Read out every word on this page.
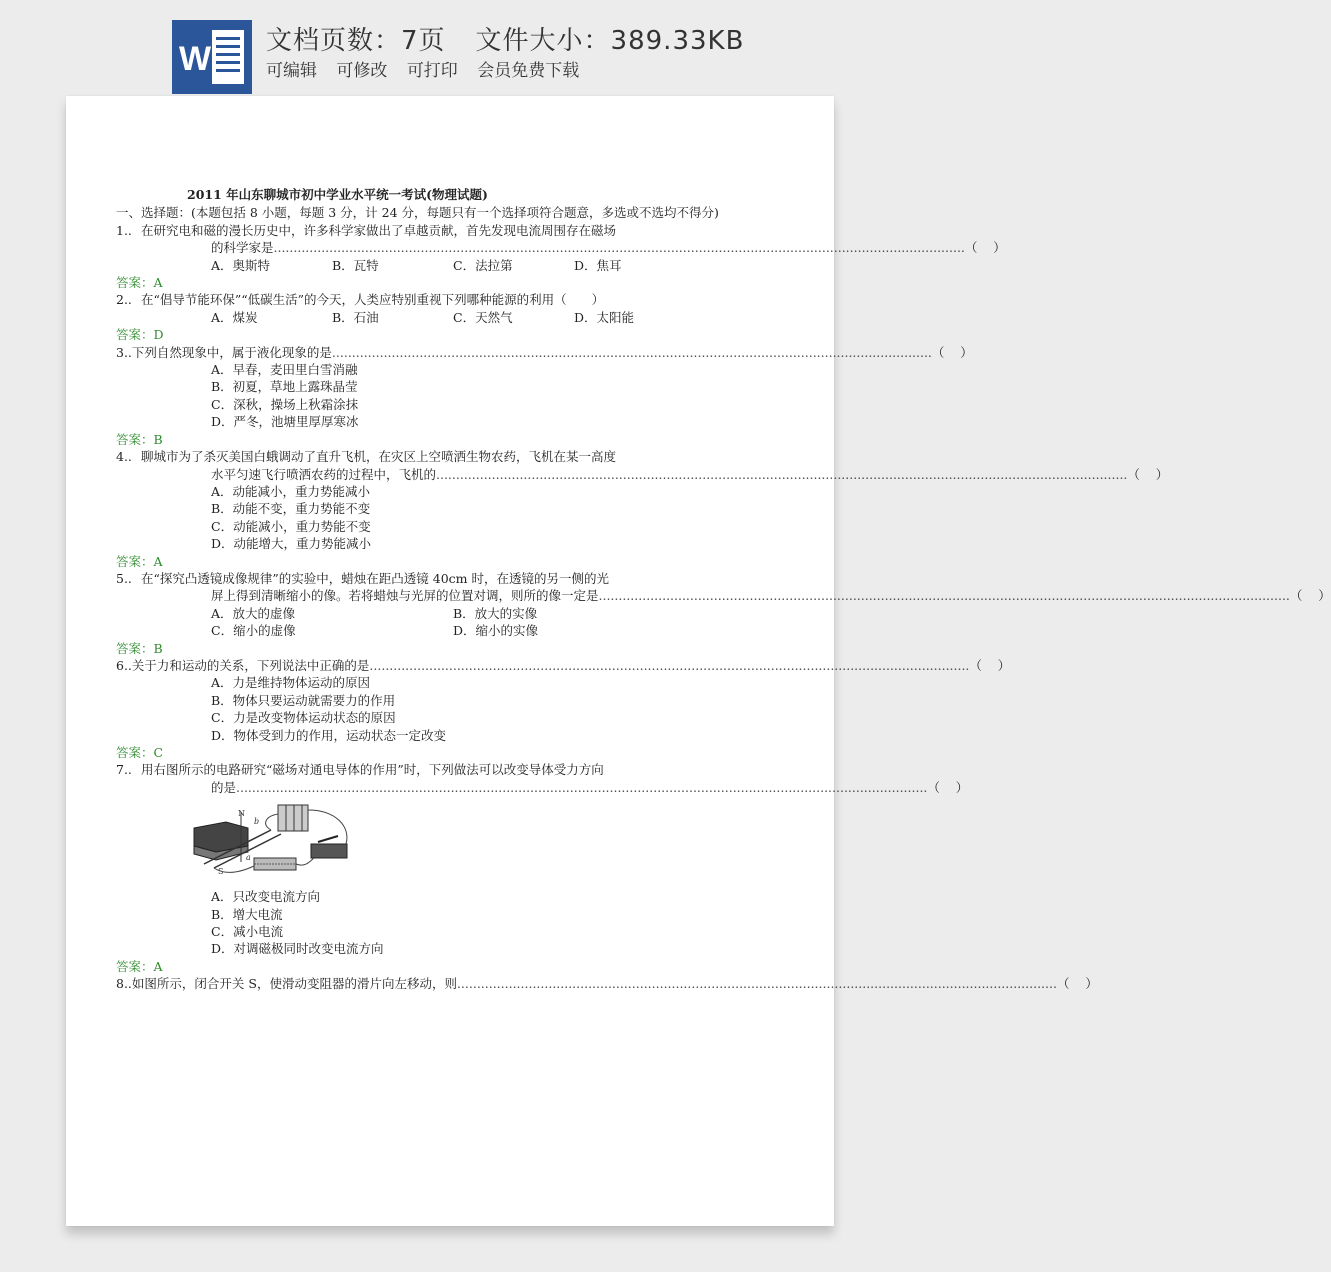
W 文档页数：7页 文件大小：389.33KB
可编辑 可修改 可打印 会员免费下载
2011 年山东聊城市初中学业水平统一考试(物理试题)
一、选择题：(本题包括 8 小题，每题 3 分，计 24 分，每题只有一个选择项符合题意，多选或不选均不得分)
1.. 在研究电和磁的漫长历史中，许多科学家做出了卓越贡献，首先发现电流周围存在磁场
的科学家是 .............................................................................................................................................................................. （    ）
A．奥斯特	B．瓦特	C．法拉第	D．焦耳
答案：A
2.. 在“倡导节能环保”“低碳生活”的今天，人类应特别重视下列哪种能源的利用（　　）
A．煤炭	B．石油	C．天然气	D．太阳能
答案：D
3.. 下列自然现象中，属于液化现象的是 ....................................................................................................................................................... （    ）
A．早春，麦田里白雪消融
B．初夏，草地上露珠晶莹
C．深秋，操场上秋霜涂抹
D．严冬，池塘里厚厚寒冰
答案：B
4.. 聊城市为了杀灭美国白蛾调动了直升飞机，在灾区上空喷洒生物农药，飞机在某一高度
水平匀速飞行喷洒农药的过程中，飞机的 .............................................................................................................................................................................. （    ）
A．动能减小，重力势能减小
B．动能不变，重力势能不变
C．动能减小，重力势能不变
D．动能增大，重力势能减小
答案：A
5.. 在“探究凸透镜成像规律”的实验中，蜡烛在距凸透镜 40cm 时，在透镜的另一侧的光
屏上得到清晰缩小的像。若将蜡烛与光屏的位置对调，则所的像一定是 .............................................................................................................................................................................. （    ）
A．放大的虚像	B．放大的实像
C．缩小的虚像	D．缩小的实像
答案：B
6.. 关于力和运动的关系，下列说法中正确的是 ....................................................................................................................................................... （    ）
A．力是维持物体运动的原因
B．物体只要运动就需要力的作用
C．力是改变物体运动状态的原因
D．物体受到力的作用，运动状态一定改变
答案：C
7.. 用右图所示的电路研究“磁场对通电导体的作用”时，下列做法可以改变导体受力方向
的是 .............................................................................................................................................................................. （    ）
N
b
a
S
A．只改变电流方向
B．增大电流
C．减小电流
D．对调磁极同时改变电流方向
答案：A
8.. 如图所示，闭合开关 S，使滑动变阻器的滑片向左移动，则 ....................................................................................................................................................... （    ）
